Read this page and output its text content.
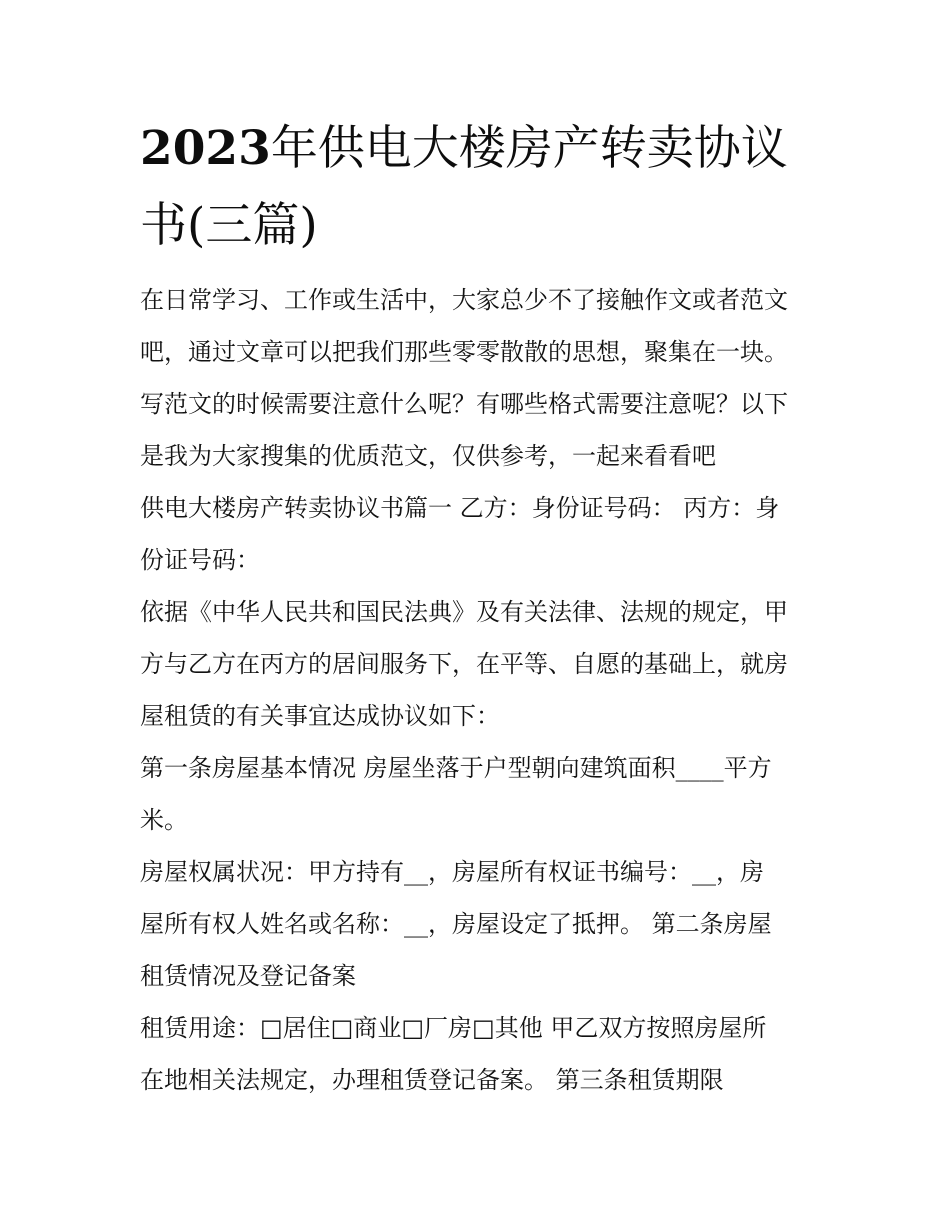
2023年供电大楼房产转卖协议
书(三篇)
在日常学习、工作或生活中，大家总少不了接触作文或者范文
吧，通过文章可以把我们那些零零散散的思想，聚集在一块。
写范文的时候需要注意什么呢？有哪些格式需要注意呢？以下
是我为大家搜集的优质范文，仅供参考，一起来看看吧
供电大楼房产转卖协议书篇一 乙方：身份证号码： 丙方：身
份证号码：
依据《中华人民共和国民法典》及有关法律、法规的规定，甲
方与乙方在丙方的居间服务下，在平等、自愿的基础上，就房
屋租赁的有关事宜达成协议如下：
第一条房屋基本情况 房屋坐落于户型朝向建筑面积____平方
米。
房屋权属状况：甲方持有__，房屋所有权证书编号：__，房
屋所有权人姓名或名称：__，房屋设定了抵押。 第二条房屋
租赁情况及登记备案
租赁用途：□居住□商业□厂房□其他 甲乙双方按照房屋所
在地相关法规定，办理租赁登记备案。 第三条租赁期限
